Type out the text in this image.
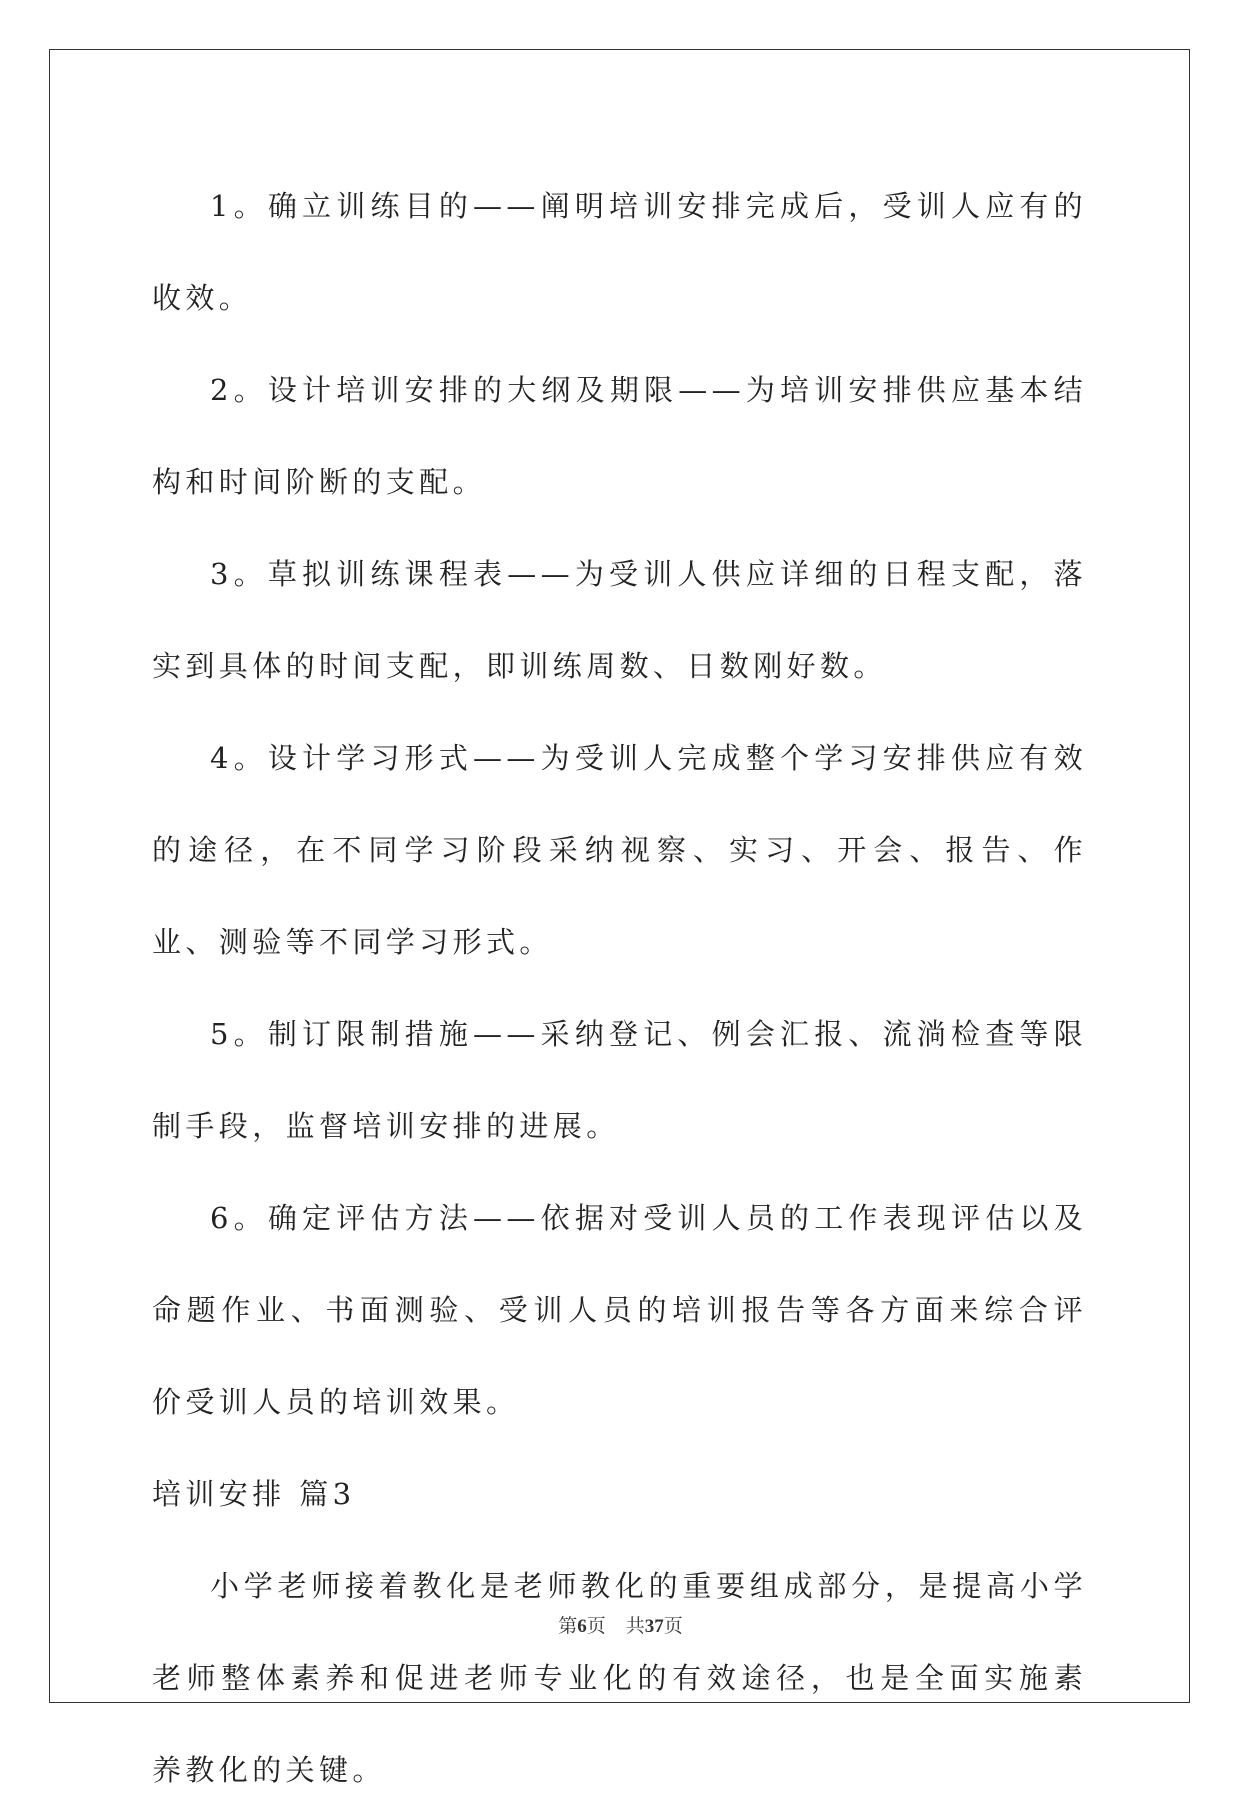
1。确立训练目的——阐明培训安排完成后，受训人应有的收效。

2。设计培训安排的大纲及期限——为培训安排供应基本结构和时间阶断的支配。

3。草拟训练课程表——为受训人供应详细的日程支配，落实到具体的时间支配，即训练周数、日数刚好数。

4。设计学习形式——为受训人完成整个学习安排供应有效的途径，在不同学习阶段采纳视察、实习、开会、报告、作业、测验等不同学习形式。

5。制订限制措施——采纳登记、例会汇报、流淌检查等限制手段，监督培训安排的进展。

6。确定评估方法——依据对受训人员的工作表现评估以及命题作业、书面测验、受训人员的培训报告等各方面来综合评价受训人员的培训效果。

培训安排 篇3

小学老师接着教化是老师教化的重要组成部分，是提高小学老师整体素养和促进老师专业化的有效途径，也是全面实施素养教化的关键。

第6页 共37页
